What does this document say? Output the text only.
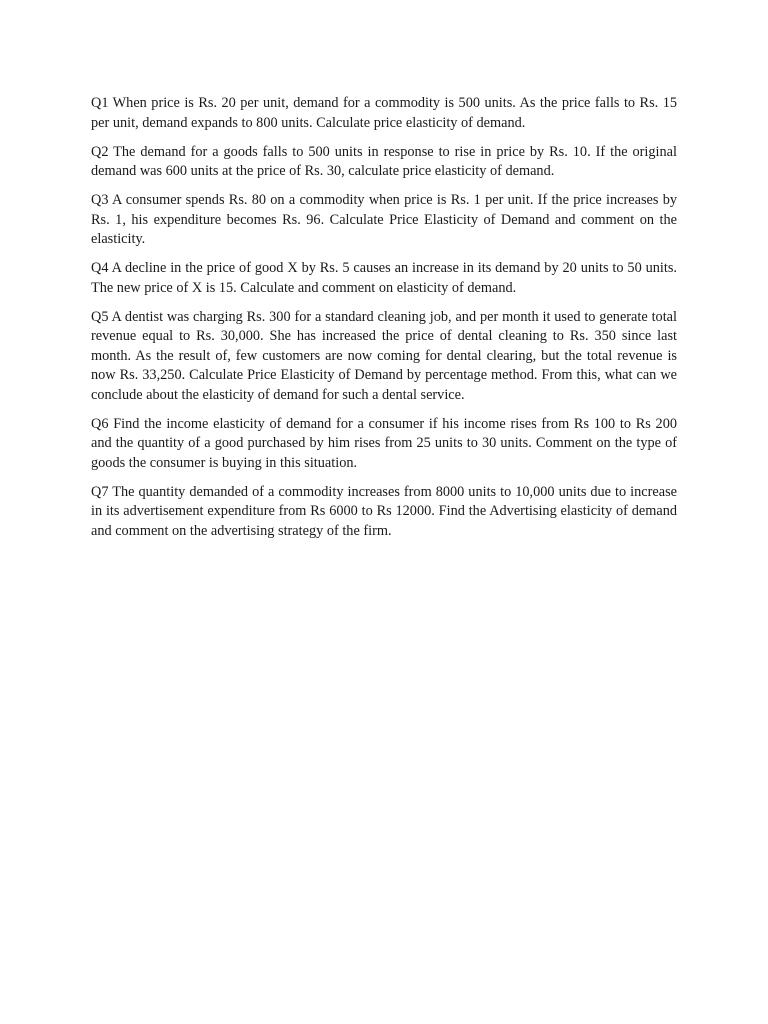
Q1 When price is Rs. 20 per unit, demand for a commodity is 500 units. As the price falls to Rs. 15 per unit, demand expands to 800 units. Calculate price elasticity of demand.

Q2 The demand for a goods falls to 500 units in response to rise in price by Rs. 10. If the original demand was 600 units at the price of Rs. 30, calculate price elasticity of demand.

Q3 A consumer spends Rs. 80 on a commodity when price is Rs. 1 per unit. If the price increases by Rs. 1, his expenditure becomes Rs. 96. Calculate Price Elasticity of Demand and comment on the elasticity.

Q4 A decline in the price of good X by Rs. 5 causes an increase in its demand by 20 units to 50 units. The new price of X is 15. Calculate and comment on elasticity of demand.

Q5 A dentist was charging Rs. 300 for a standard cleaning job, and per month it used to generate total revenue equal to Rs. 30,000. She has increased the price of dental cleaning to Rs. 350 since last month. As the result of, few customers are now coming for dental clearing, but the total revenue is now Rs. 33,250. Calculate Price Elasticity of Demand by percentage method. From this, what can we conclude about the elasticity of demand for such a dental service.

Q6 Find the income elasticity of demand for a consumer if his income rises from Rs 100 to Rs 200 and the quantity of a good purchased by him rises from 25 units to 30 units. Comment on the type of goods the consumer is buying in this situation.

Q7 The quantity demanded of a commodity increases from 8000 units to 10,000 units due to increase in its advertisement expenditure from Rs 6000 to Rs 12000. Find the Advertising elasticity of demand and comment on the advertising strategy of the firm.
